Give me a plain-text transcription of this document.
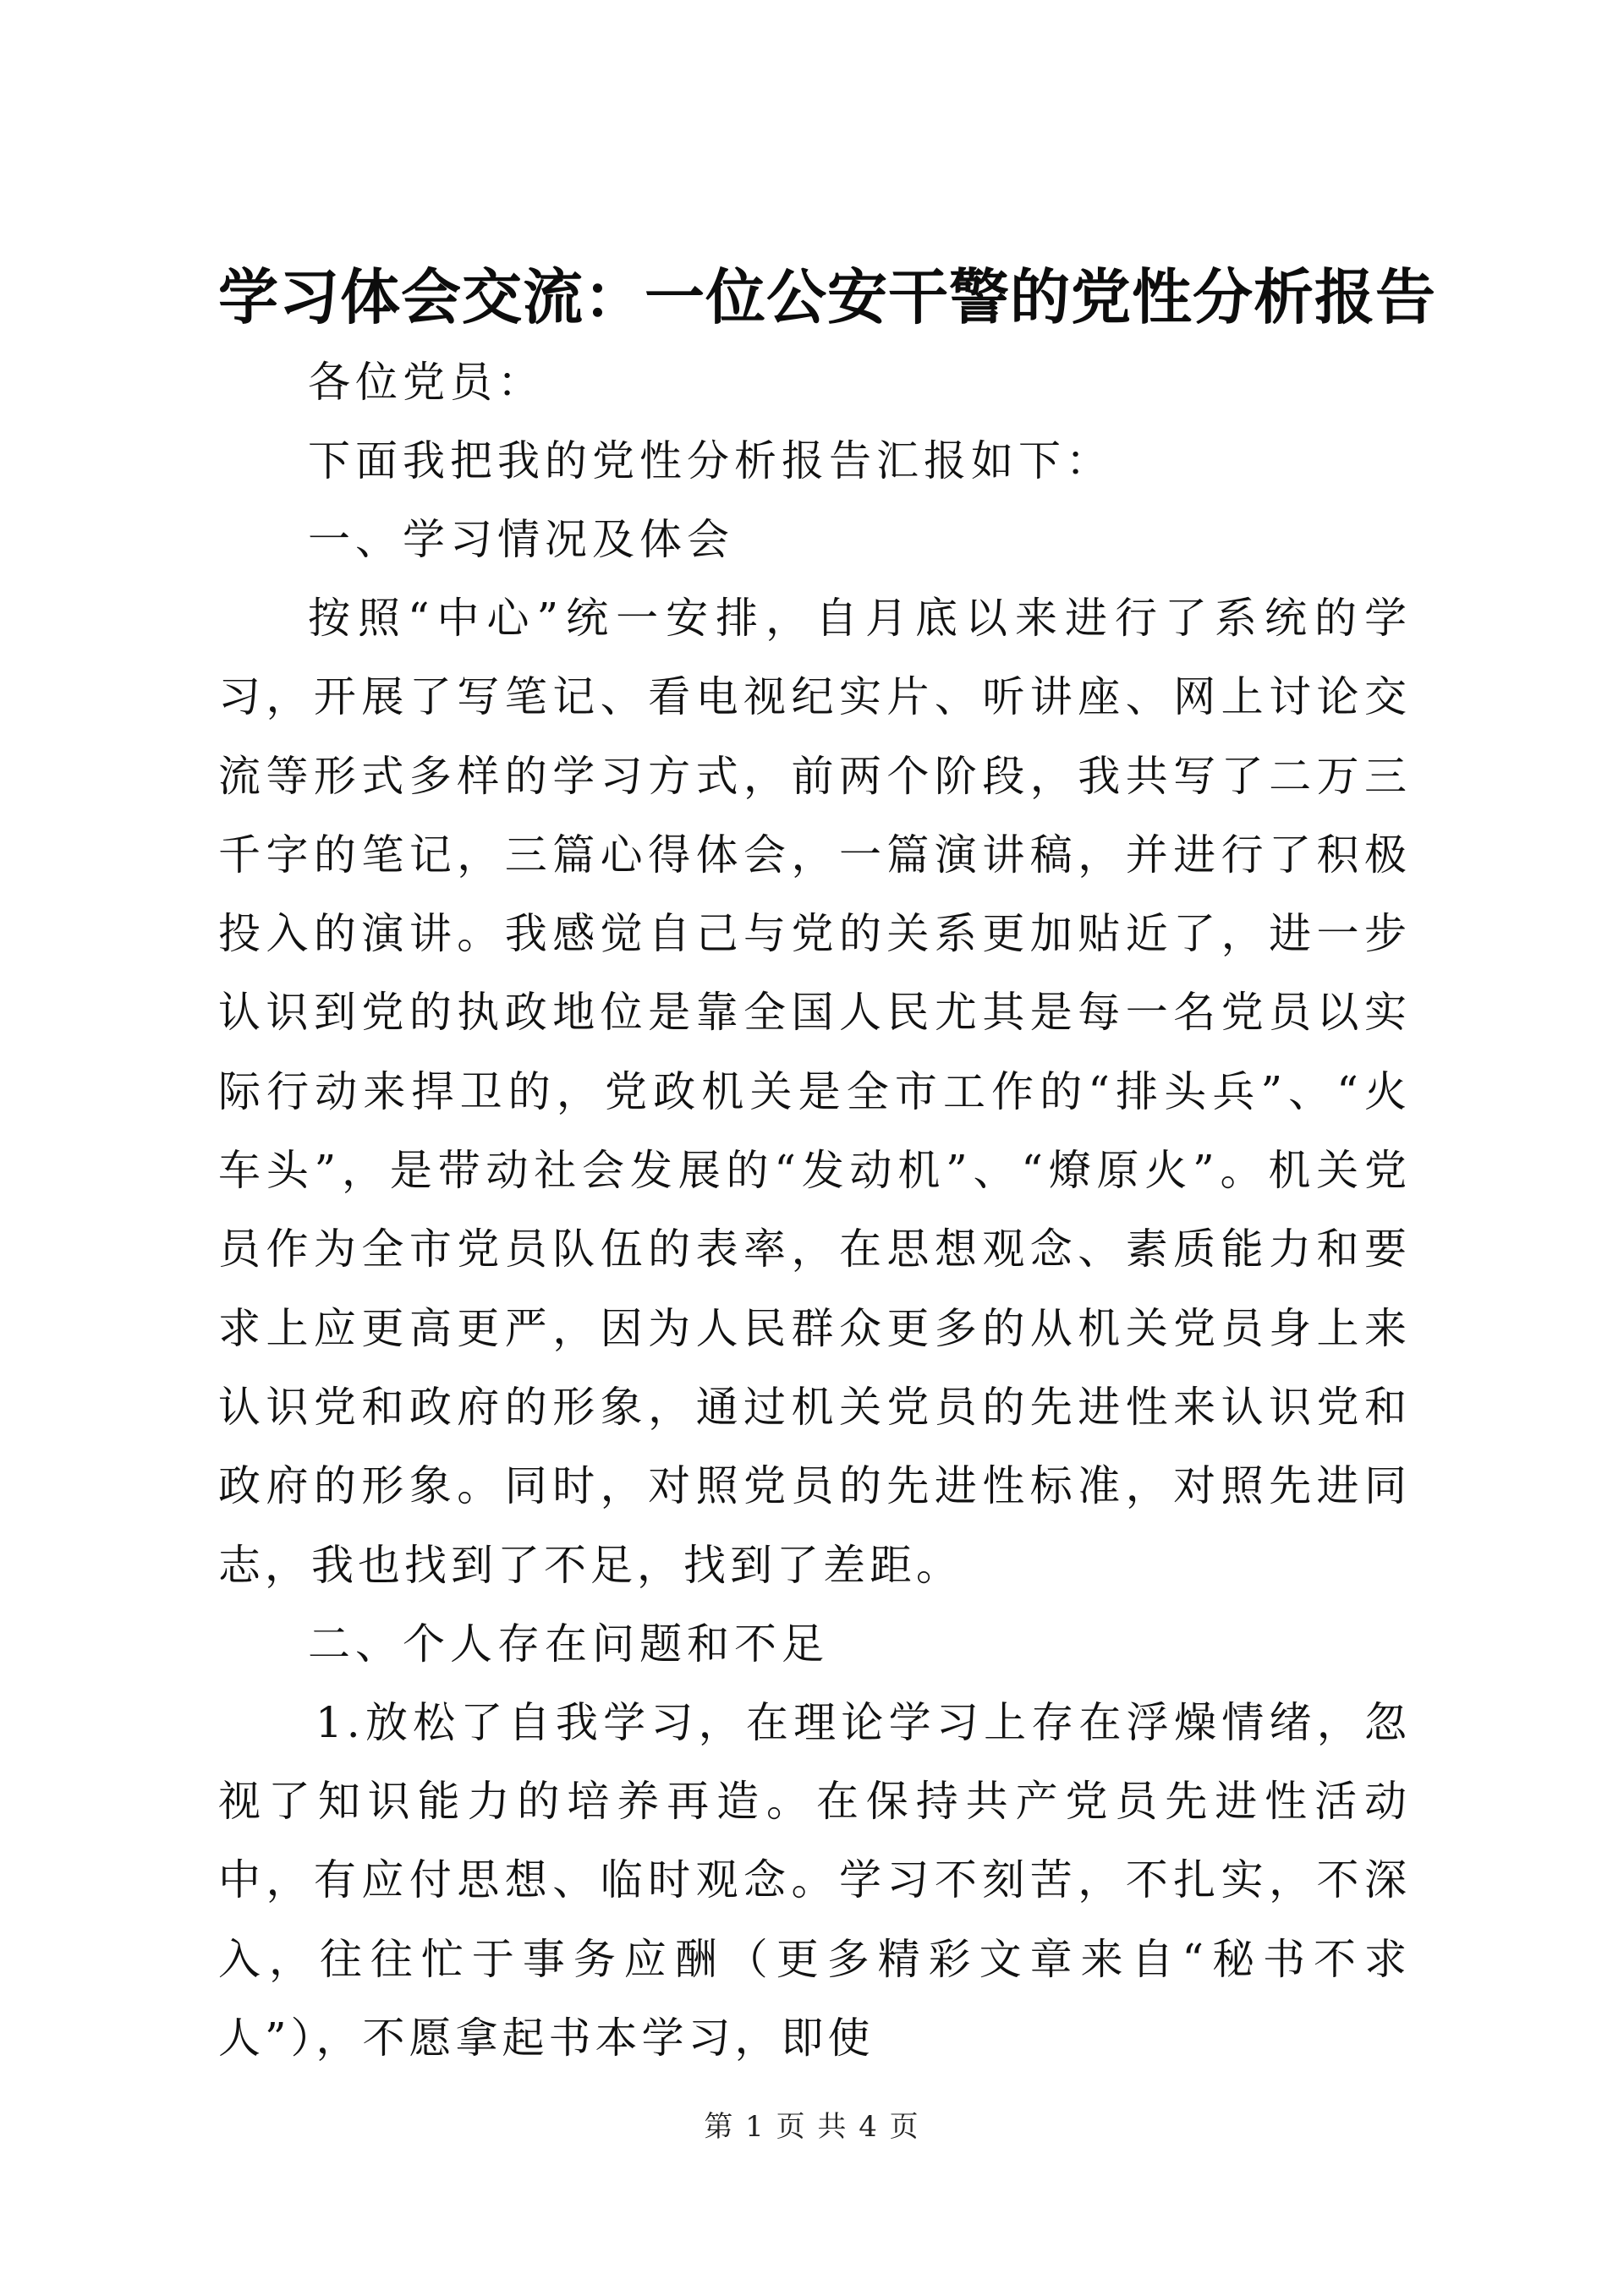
学习体会交流：一位公安干警的党性分析报告

各位党员：

下面我把我的党性分析报告汇报如下：

一、学习情况及体会

按照“中心”统一安排，自月底以来进行了系统的学习，开展了写笔记、看电视纪实片、听讲座、网上讨论交流等形式多样的学习方式，前两个阶段，我共写了二万三千字的笔记，三篇心得体会，一篇演讲稿，并进行了积极投入的演讲。我感觉自己与党的关系更加贴近了，进一步认识到党的执政地位是靠全国人民尤其是每一名党员以实际行动来捍卫的，党政机关是全市工作的“排头兵”、“火车头”，是带动社会发展的“发动机”、“燎原火”。机关党员作为全市党员队伍的表率，在思想观念、素质能力和要求上应更高更严，因为人民群众更多的从机关党员身上来认识党和政府的形象，通过机关党员的先进性来认识党和政府的形象。同时，对照党员的先进性标准，对照先进同志，我也找到了不足，找到了差距。

二、个人存在问题和不足

1.放松了自我学习，在理论学习上存在浮燥情绪，忽视了知识能力的培养再造。在保持共产党员先进性活动中，有应付思想、临时观念。学习不刻苦，不扎实，不深入，往往忙于事务应酬（更多精彩文章来自“秘书不求人”），不愿拿起书本学习，即使

第 1 页 共 4 页
